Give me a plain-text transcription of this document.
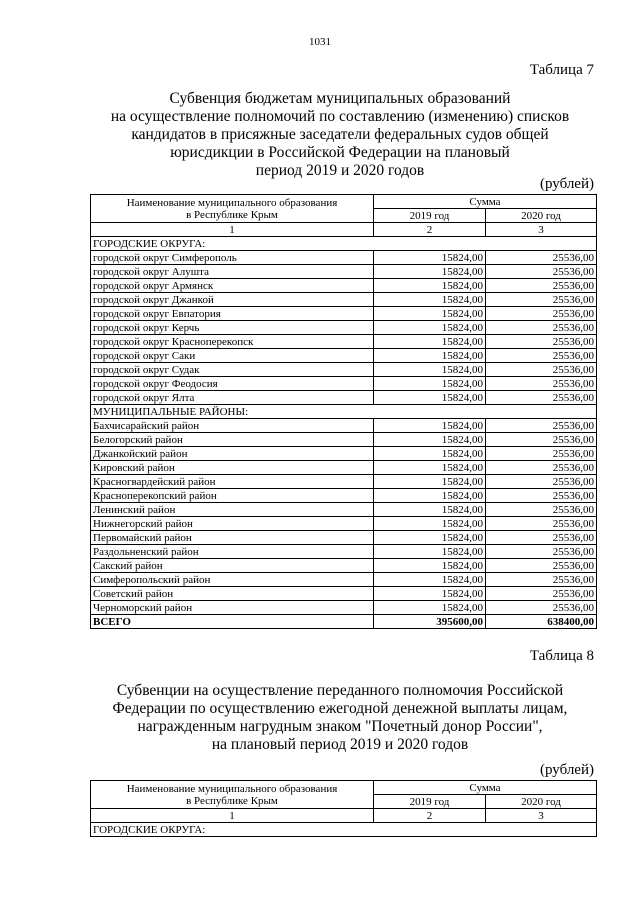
1031
Таблица 7
Субвенция бюджетам муниципальных образований
на осуществление полномочий по составлению (изменению) списков
кандидатов в присяжные заседатели федеральных судов общей
юрисдикции в Российской Федерации на плановый
период 2019 и 2020 годов
(рублей)
Наименование муниципального образования
в Республике Крым	Сумма	
	2019 год	2020 год
1	2	3
ГОРОДСКИЕ ОКРУГА:		
городской округ Симферополь	15824,00	25536,00
городской округ Алушта	15824,00	25536,00
городской округ Армянск	15824,00	25536,00
городской округ Джанкой	15824,00	25536,00
городской округ Евпатория	15824,00	25536,00
городской округ Керчь	15824,00	25536,00
городской округ Красноперекопск	15824,00	25536,00
городской округ Саки	15824,00	25536,00
городской округ Судак	15824,00	25536,00
городской округ Феодосия	15824,00	25536,00
городской округ Ялта	15824,00	25536,00
МУНИЦИПАЛЬНЫЕ РАЙОНЫ:		
Бахчисарайский район	15824,00	25536,00
Белогорский район	15824,00	25536,00
Джанкойский район	15824,00	25536,00
Кировский район	15824,00	25536,00
Красногвардейский район	15824,00	25536,00
Красноперекопский район	15824,00	25536,00
Ленинский район	15824,00	25536,00
Нижнегорский район	15824,00	25536,00
Первомайский район	15824,00	25536,00
Раздольненский район	15824,00	25536,00
Сакский район	15824,00	25536,00
Симферопольский район	15824,00	25536,00
Советский район	15824,00	25536,00
Черноморский район	15824,00	25536,00
ВСЕГО	395600,00	638400,00
Таблица 8
Субвенции на осуществление переданного полномочия Российской
Федерации по осуществлению ежегодной денежной выплаты лицам,
награжденным нагрудным знаком "Почетный донор России",
на плановый период 2019 и 2020 годов
(рублей)
Наименование муниципального образования
в Республике Крым	Сумма	
	2019 год	2020 год
1	2	3
ГОРОДСКИЕ ОКРУГА:		
